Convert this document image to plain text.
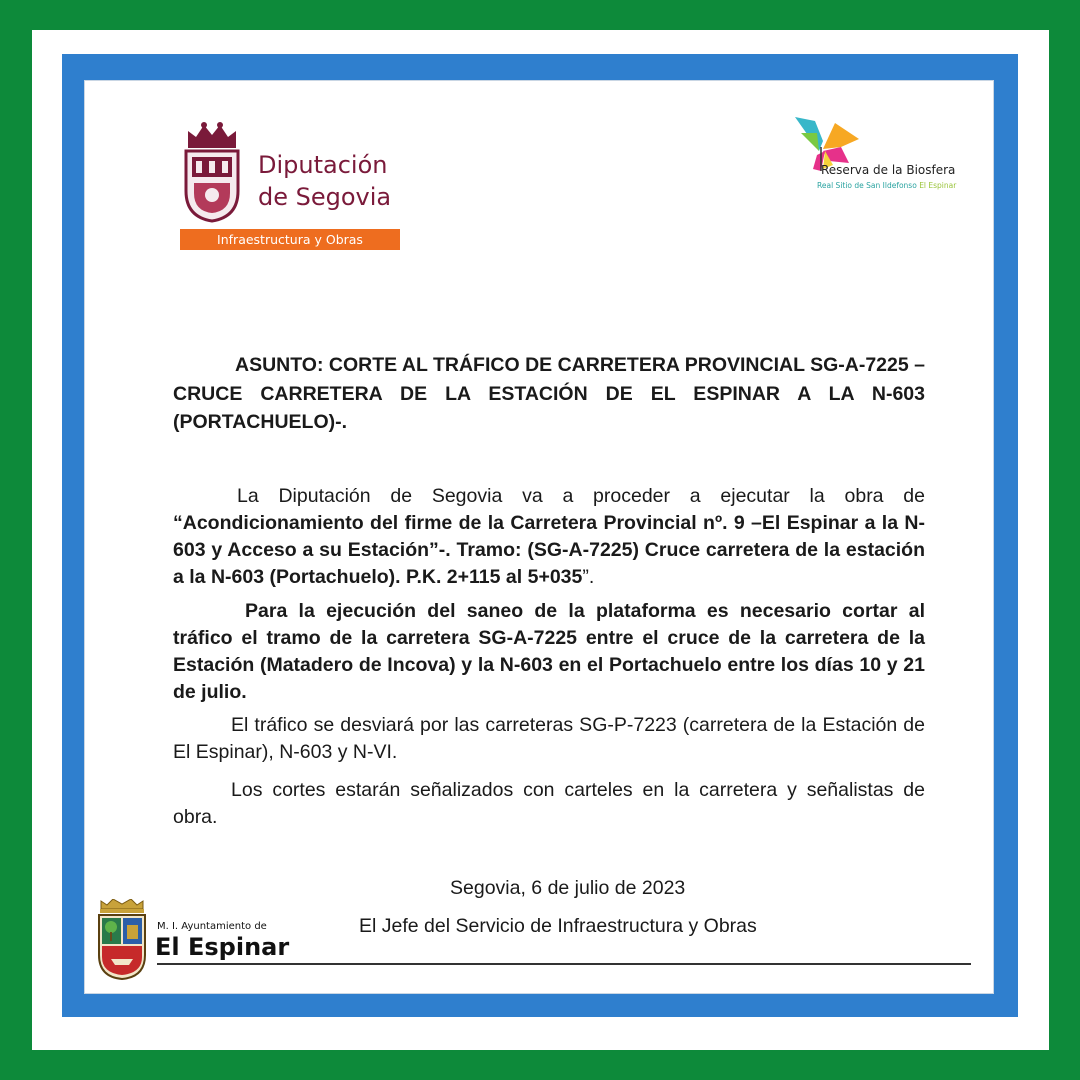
Diputación
de Segovia
Infraestructura y Obras
Reserva de la Biosfera
Real Sitio de San Ildefonso El Espinar
ASUNTO: CORTE AL TRÁFICO DE CARRETERA PROVINCIAL SG-A-7225 – CRUCE CARRETERA DE LA ESTACIÓN DE EL ESPINAR A LA N-603 (PORTACHUELO)-.
La Diputación de Segovia va a proceder a ejecutar la obra de “Acondicionamiento del firme de la Carretera Provincial nº. 9 –El Espinar a la N-603 y Acceso a su Estación”-. Tramo: (SG-A-7225) Cruce carretera de la estación a la N-603 (Portachuelo). P.K. 2+115 al 5+035”.
Para la ejecución del saneo de la plataforma es necesario cortar al tráfico el tramo de la carretera SG-A-7225 entre el cruce de la carretera de la Estación (Matadero de Incova) y la N-603 en el Portachuelo entre los días 10 y 21 de julio.
El tráfico se desviará por las carreteras SG-P-7223 (carretera de la Estación de El Espinar), N-603 y N-VI.
Los cortes estarán señalizados con carteles en la carretera y señalistas de obra.
Segovia, 6 de julio de 2023
El Jefe del Servicio de Infraestructura y Obras
M. I. Ayuntamiento de
El Espinar
